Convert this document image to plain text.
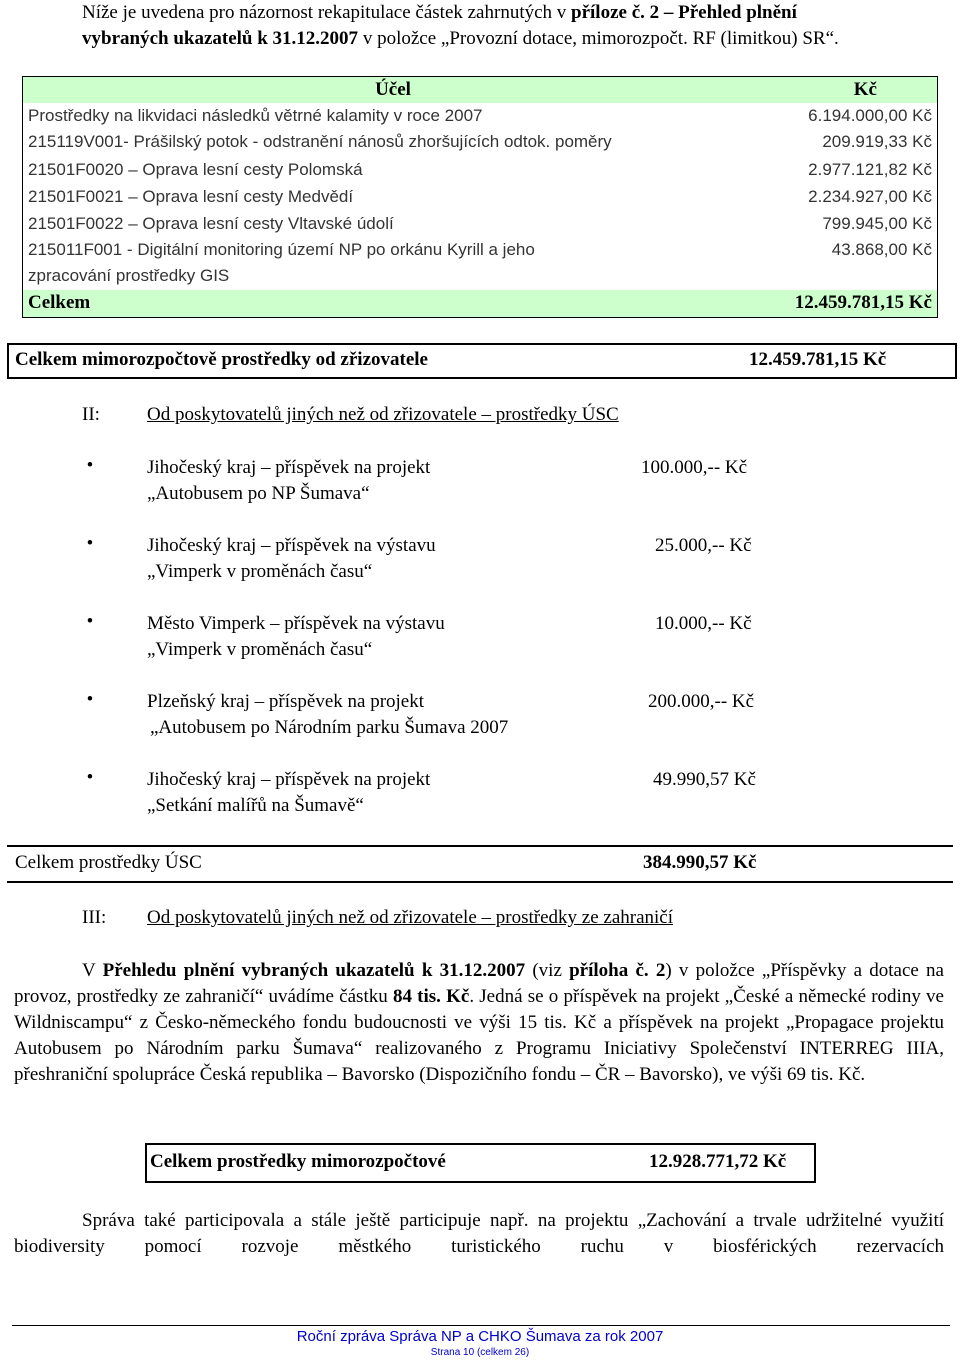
Níže je uvedena pro názornost rekapitulace částek zahrnutých v příloze č. 2 – Přehled plnění
vybraných ukazatelů k 31.12.2007 v položce „Provozní dotace, mimorozpočt. RF (limitkou) SR“.
Účel	Kč
Prostředky na likvidaci následků větrné kalamity v roce 2007	6.194.000,00 Kč
215119V001- Prášilský potok - odstranění nánosů zhoršujících odtok. poměry	209.919,33 Kč
21501F0020 – Oprava lesní cesty Polomská	2.977.121,82 Kč
21501F0021 – Oprava lesní cesty Medvědí	2.234.927,00 Kč
21501F0022 – Oprava lesní cesty Vltavské údolí	799.945,00 Kč
215011F001 - Digitální monitoring území NP po orkánu Kyrill a jeho	43.868,00 Kč
zpracování prostředky GIS
Celkem	12.459.781,15 Kč
Celkem mimorozpočtově prostředky od zřizovatele	12.459.781,15 Kč
II: Od poskytovatelů jiných než od zřizovatele – prostředky ÚSC
•	Jihočeský kraj – příspěvek na projekt
„Autobusem po NP Šumava“
100.000,-- Kč
•	Jihočeský kraj – příspěvek na výstavu
„Vimperk v proměnách času“
25.000,-- Kč
•	Město Vimperk – příspěvek na výstavu
„Vimperk v proměnách času“
10.000,-- Kč
•	Plzeňský kraj – příspěvek na projekt
„Autobusem po Národním parku Šumava 2007
200.000,-- Kč
•	Jihočeský kraj – příspěvek na projekt
„Setkání malířů na Šumavě“
49.990,57 Kč
Celkem prostředky ÚSC	384.990,57 Kč
III: Od poskytovatelů jiných než od zřizovatele – prostředky ze zahraničí

V Přehledu plnění vybraných ukazatelů k 31.12.2007 (viz příloha č. 2) v položce „Příspěvky a dotace na provoz, prostředky ze zahraničí“ uvádíme částku 84 tis. Kč. Jedná se o příspěvek na projekt „České a německé rodiny ve Wildniscampu“ z Česko-německého fondu budoucnosti ve výši 15 tis. Kč a příspěvek na projekt „Propagace projektu Autobusem po Národním parku Šumava“ realizovaného z Programu Iniciativy Společenství INTERREG IIIA, přeshraniční spolupráce Česká republika – Bavorsko (Dispozičního fondu – ČR – Bavorsko), ve výši 69 tis. Kč.

Celkem prostředky mimorozpočtové	12.928.771,72 Kč
Správa také participovala a stále ještě participuje např. na projektu „Zachování a trvale udržitelné využití biodiversity pomocí rozvoje městkého turistického ruchu v biosférických rezervacích
Roční zpráva Správa NP a CHKO Šumava za rok 2007
Strana 10 (celkem 26)
